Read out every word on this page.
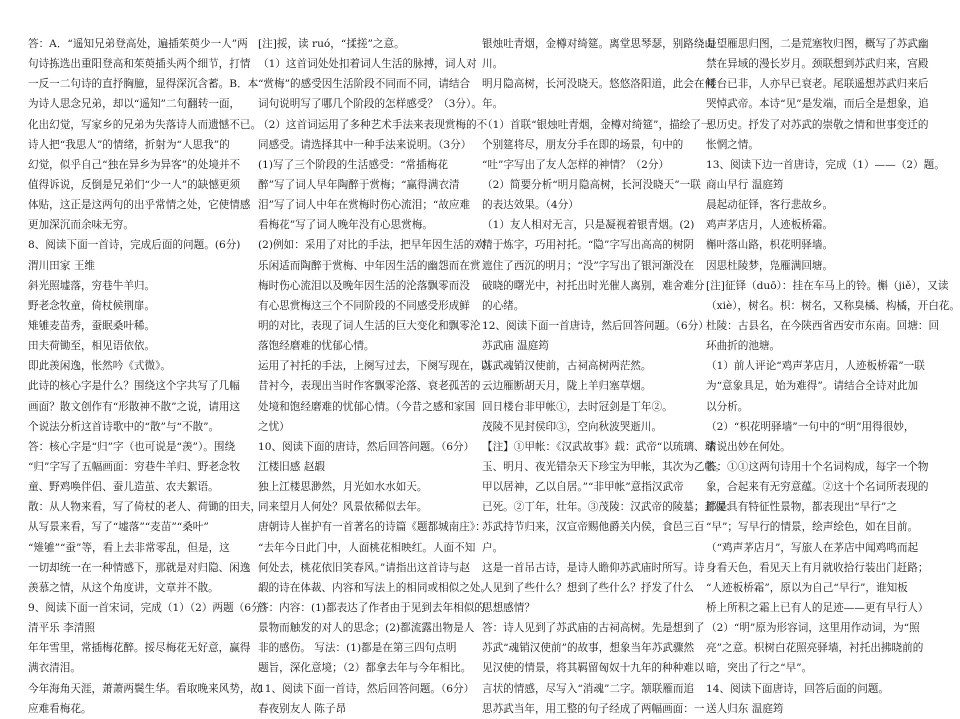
答：A．“遥知兄弟登高处，遍插茱萸少一人”两
句诗拣选出重阳登高和茱萸插头两个细节，打情
一反一二句诗的直抒胸臆，显得深沉含蓄。B．本
为诗人思念兄弟，却以“遥知”二句翻转一面，
化出幻觉，写家乡的兄弟为失落诗人而遗憾不已。
诗人把“我思人”的情绪，折射为“人思我”的
幻觉，似乎自己“独在异乡为异客”的处境并不
值得诉说，反倒是兄弟们“少一人”的缺憾更须
体贴，这正是这两句的出乎常情之处，它使情感
更加深沉而余味无穷。
8、阅读下面一首诗，完成后面的问题。(6分)
渭川田家 王维
斜光照墟落，穷巷牛羊归。
野老念牧童，倚杖候荆扉。
雉雊麦苗秀，蚕眠桑叶稀。
田夫荷锄至，相见语依依。
即此羡闲逸，怅然吟《式微》。
此诗的核心字是什么？围绕这个字共写了几幅
画面？散文创作有“形散神不散”之说，请用这
个说法分析这首诗歌中的“散”与“不散”。
答：核心字是“归”字（也可说是“羡”）。围绕
“归”字写了五幅画面：穷巷牛羊归、野老念牧
童、野鸡唤伴侣、蚕儿造茧、农夫絮语。
散：从人物来看，写了倚杖的老人、荷锄的田夫，
从写景来看，写了“墟落”“麦苗”“桑叶”
“雉雊”“蚕”等，看上去非常零乱，但是，这
一切却统一在一种情感下，那就是对归隐、闲逸
羡慕之情，从这个角度讲，文章并不散。
9、阅读下面一首宋词，完成（1）（2）两题（6分）
清平乐 李清照
年年雪里，常插梅花醉。挼尽梅花无好意，赢得
满衣清泪。
今年海角天涯，萧萧两鬓生华。看取晚来风势，故
应难看梅花。
[注]挼，读 ruó，“揉搓”之意。
（1）这首词处处扣着词人生活的脉搏，词人对
“赏梅”的感受因生活阶段不同而不同，请结合
词句说明写了哪几个阶段的怎样感受？（3分）。
（2）这首词运用了多种艺术手法来表现赏梅的不
同感受。请选择其中一种手法来说明。（3分）
(1)写了三个阶段的生活感受：“常插梅花
醉”写了词人早年陶醉于赏梅；“赢得满衣清
泪”写了词人中年在赏梅时伤心流泪；“故应难
看梅花”写了词人晚年没有心思赏梅。
(2)例如：采用了对比的手法，把早年因生活的欢
乐闲适而陶醉于赏梅、中年因生活的幽怨而在赏
梅时伤心流泪以及晚年因生活的沦落飘零而没
有心思赏梅这三个不同阶段的不同感受形成鲜
明的对比，表现了词人生活的巨大变化和飘零沦
落饱经磨难的忧郁心情。
运用了衬托的手法，上阕写过去，下阕写现在，以
昔衬今，表现出当时作客飘零沦落、衰老孤苦的
处境和饱经磨难的忧郁心情。（今昔之感和家国
之忧）
10、阅读下面的唐诗，然后回答问题。（6分）
江楼旧感 赵嘏
独上江楼思渺然，月光如水水如天。
同来望月人何处？风景依稀似去年。
唐朝诗人崔护有一首著名的诗篇《题都城南庄》：
“去年今日此门中，人面桃花相映红。人面不知
何处去，桃花依旧笑春风。”请指出这首诗与赵
嘏的诗在体裁、内容和写法上的相同或相似之处。
答：内容：(1)都表达了作者由于见到去年相似的
景物而触发的对人的思念；(2)都流露出物是人
非的感伤。 写法：(1)都是在第三四句点明
题旨，深化意境；（2）都拿去年与今年相比。
11、阅读下面一首诗，然后回答问题。（6分）
春夜别友人 陈子昂
银烛吐青烟，金樽对绮筵。离堂思琴瑟，别路绕山
川。
明月隐高树，长河没晓天。悠悠洛阳道，此会在何
年。
（1）首联“银烛吐青烟，金樽对绮筵”，描绘了一
个别筵将尽，朋友分手在即的场景，句中的
“吐”字写出了友人怎样的神情？（2分）
（2）简要分析“明月隐高树，长河没晓天”一联
的表达效果。（4分）
（1）友人相对无言，只是凝视着银青烟。(2)
精于炼字，巧用衬托。“隐”字写出高高的树阴
遮住了西沉的明月；“没”字写出了银河渐没在
破晓的曙光中，衬托出时光催人离别，难舍难分
的心绪。
12、阅读下面一首唐诗，然后回答问题。（6分）
苏武庙 温庭筠
苏武魂销汉使前，古祠高树两茫然。
云边雁断胡天月，陇上羊归塞草烟。
回日楼台非甲帐①，去时冠剑是丁年②。
茂陵不见封侯印③，空向秋波哭逝川。
【注】①甲帐：《汉武故事》载：武帝“以琉璃、珠
玉、明月、夜光错杂天下珍宝为甲帐，其次为乙帐。
甲以居神，乙以自居。”“非甲帐”意指汉武帝
已死。②丁年，壮年。③茂陵：汉武帝的陵墓；封侯：
苏武持节归来，汉宣帝赐他爵关内侯，食邑三百
户。
这是一首吊古诗，是诗人瞻仰苏武庙时所写。诗
人见到了些什么？想到了些什么？抒发了什么
思想感情？
答：诗人见到了苏武庙的古祠高树。先是想到了
苏武“魂销汉使前”的故事，想象当年苏武骤然
见汉使的情景，将其羁留匈奴十九年的种种难以
言状的情感，尽写入“消魂”二字。颔联雁而追
思苏武当年，用工整的句子经成了两幅画面：一
是望雁思归图，二是荒塞牧归图，概写了苏武幽
禁在异域的漫长岁月。颈联想到苏武归来，宫殿
楼台已非，人亦早已衰老。尾联遥想苏武归来后
哭悼武帝。本诗“见”是发端，而后全是想象，追
思历史。抒发了对苏武的崇敬之情和世事变迁的
怅惘之情。
13、阅读下边一首唐诗，完成（1）——（2）题。
商山早行 温庭筠
晨起动征铎，客行悲故乡。
鸡声茅店月，人迹板桥霜。
槲叶落山路，枳花明驿墙。
因思杜陵梦，凫雁满回塘。
[注]征铎（duō）：挂在车马上的铃。槲（jiě），又读
（xiè），树名。枳：树名，又称臭橘、构橘，开白花。
杜陵：古县名，在今陕西省西安市东南。回塘：回
环曲折的池塘。
（1）前人评论“鸡声茅店月，人迹板桥霜”一联
为“意象具足，始为难得”。请结合全诗对此加
以分析。
（2）“枳花明驿墙”一句中的“明”用得很妙，
请说出妙在何处。
答：①①这两句诗用十个名词构成，每字一个物
象，合起来有无穷意蕴。②这十个名词所表现的
都是具有特征性景物，都表现出“早行”之
“早”；写早行的情景，绘声绘色，如在目前。
（“鸡声茅店月”，写旅人在茅店中闻鸡鸣而起
身看天色，看见天上有月就收拾行装出门赶路；
“人迹板桥霜”，原以为自己“早行”，谁知板
桥上所积之霜上已有人的足迹——更有早行人）
（2）“明”原为形容词，这里用作动词，为“照
亮”之意。枳树白花照亮驿墙，衬托出拂晓前的
暗，突出了行之“早”。
14、阅读下面唐诗，回答后面的问题。
送人归东 温庭筠
